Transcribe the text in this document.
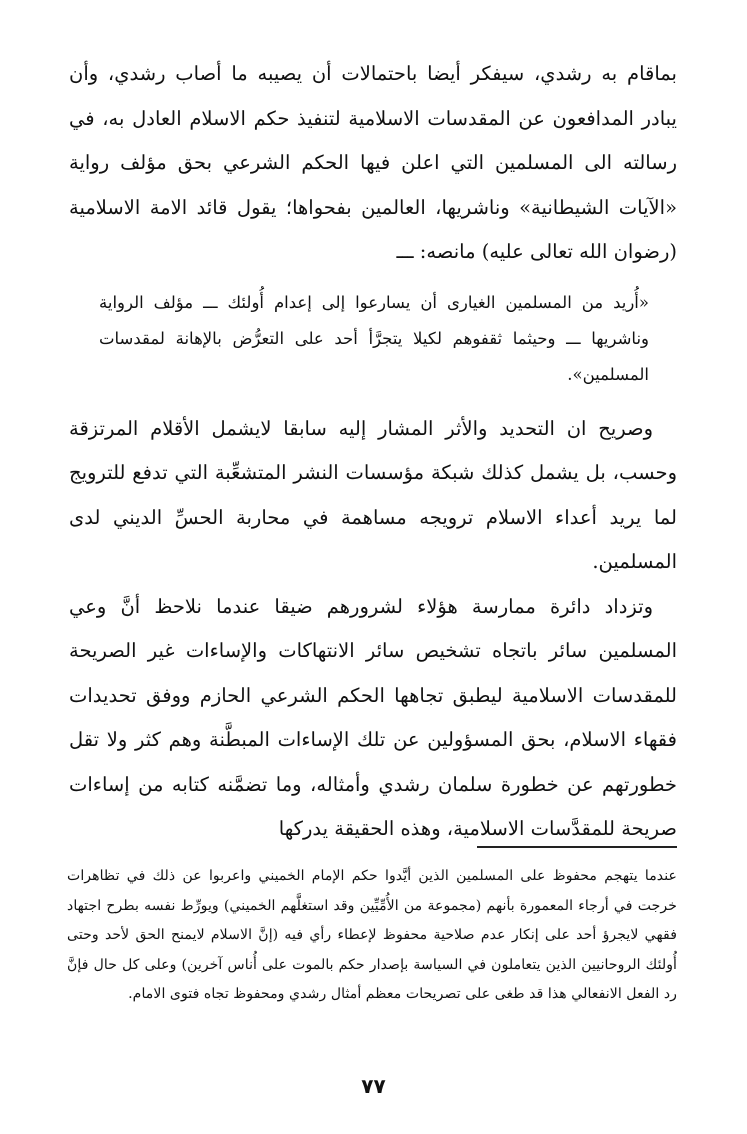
بماقام به رشدي، سيفكر أيضا باحتمالات أن يصيبه ما أصاب رشدي، وأن يبادر المدافعون عن المقدسات الاسلامية لتنفيذ حكم الاسلام العادل به، في رسالته الى المسلمين التي اعلن فيها الحكم الشرعي بحق مؤلف رواية «الآيات الشيطانية» وناشريها، العالمين بفحواها؛ يقول قائد الامة الاسلامية (رضوان الله تعالى عليه) مانصه: ـــ

«أُريد من المسلمين الغيارى أن يسارعوا إلى إعدام أُولئك ـــ مؤلف الرواية وناشريها ـــ وحيثما ثقفوهم لكيلا يتجرَّأ أحد على التعرُّض بالإهانة لمقدسات المسلمين».

وصريح ان التحديد والأثر المشار إليه سابقا لايشمل الأقلام المرتزقة وحسب، بل يشمل كذلك شبكة مؤسسات النشر المتشعِّبة التي تدفع للترويج لما يريد أعداء الاسلام ترويجه مساهمة في محاربة الحسِّ الديني لدى المسلمين.

وتزداد دائرة ممارسة هؤلاء لشرورهم ضيقا عندما نلاحظ أنَّ وعي المسلمين سائر باتجاه تشخيص سائر الانتهاكات والإساءات غير الصريحة للمقدسات الاسلامية ليطبق تجاهها الحكم الشرعي الحازم ووفق تحديدات فقهاء الاسلام، بحق المسؤولين عن تلك الإساءات المبطَّنة وهم كثر ولا تقل خطورتهم عن خطورة سلمان رشدي وأمثاله، وما تضمَّنه كتابه من إساءات صريحة للمقدَّسات الاسلامية، وهذه الحقيقة يدركها

عندما يتهجم محفوظ على المسلمين الذين أيَّدوا حكم الإمام الخميني واعربوا عن ذلك في تظاهرات خرجت في أرجاء المعمورة بأنهم (مجموعة من الأُمِّيِّين وقد استغلَّهم الخميني) ويورِّط نفسه بطرح اجتهاد فقهي لايجرؤ أحد على إنكار عدم صلاحية محفوظ لإعطاء رأي فيه (إنَّ الاسلام لايمنح الحق لأحد وحتى أُولئك الروحانيين الذين يتعاملون في السياسة بإصدار حكم بالموت على أُناس آخرين) وعلى كل حال فإنَّ رد الفعل الانفعالي هذا قد طغى على تصريحات معظم أمثال رشدي ومحفوظ تجاه فتوى الامام.

٧٧
